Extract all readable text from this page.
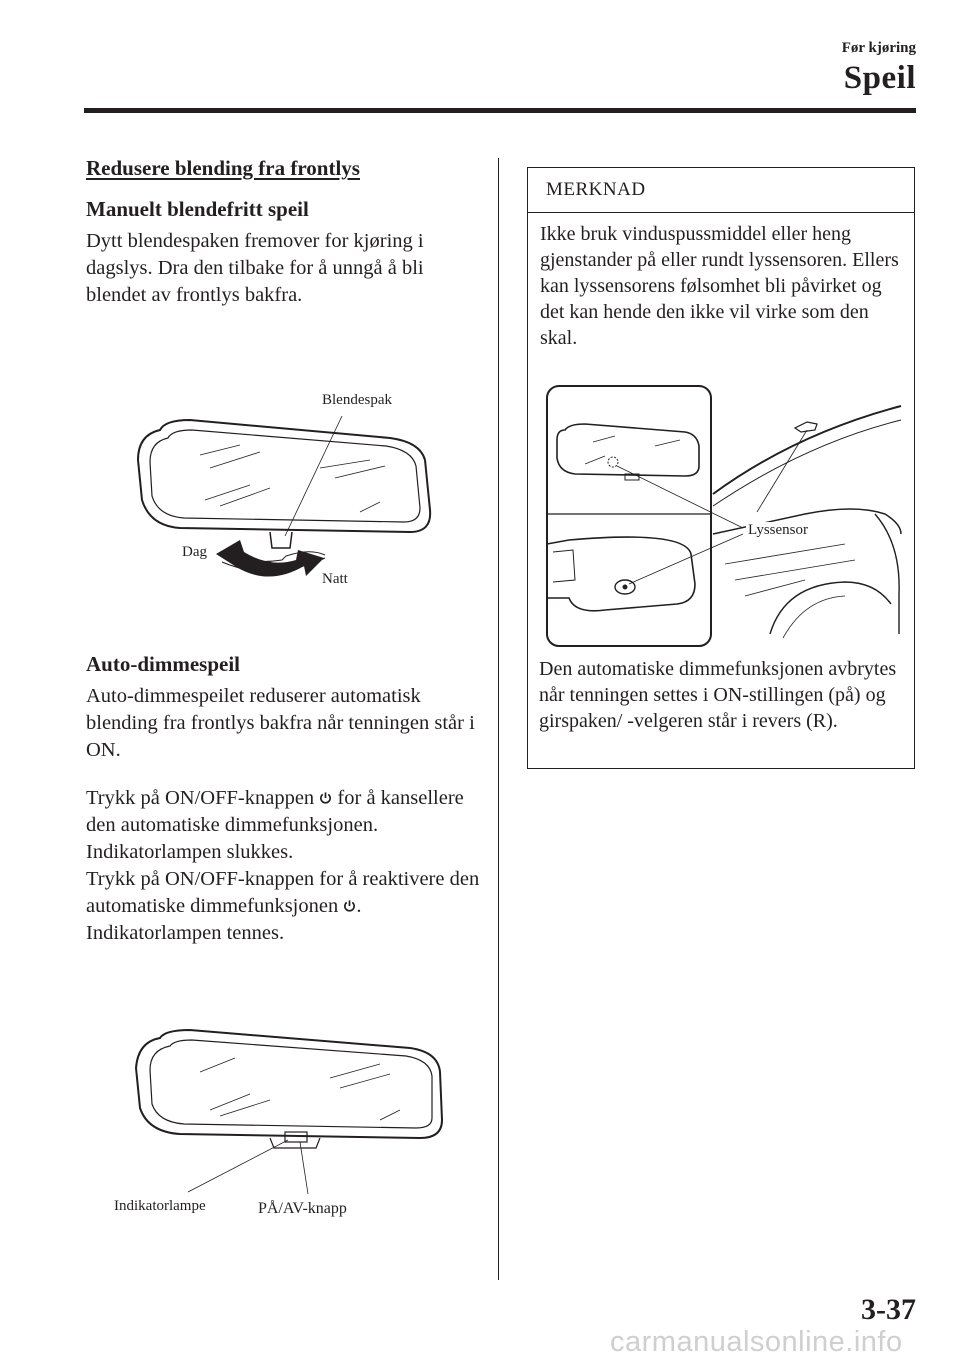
Før kjøring
Speil
Redusere blending fra frontlys
Manuelt blendefritt speil

Dytt blendespaken fremover for kjøring i dagslys. Dra den tilbake for å unngå å bli blendet av frontlys bakfra.

Blendespak
Dag
Natt
Auto-dimmespeil

Auto-dimmespeilet reduserer automatisk blending fra frontlys bakfra når tenningen står i ON.

Trykk på ON/OFF-knappen  for å kansellere den automatiske dimmefunksjonen. Indikatorlampen slukkes.
Trykk på ON/OFF-knappen for å reaktivere den automatiske dimmefunksjonen . Indikatorlampen tennes.

Indikatorlampe	PÅ/AV-knapp
MERKNAD

Ikke bruk vinduspussmiddel eller heng gjenstander på eller rundt lyssensoren. Ellers kan lyssensorens følsomhet bli påvirket og det kan hende den ikke vil virke som den skal.

Lyssensor

Den automatiske dimmefunksjonen avbrytes når tenningen settes i ON-stillingen (på) og girspaken/ -velgeren står i revers (R).

3-37
carmanualsonline.info
